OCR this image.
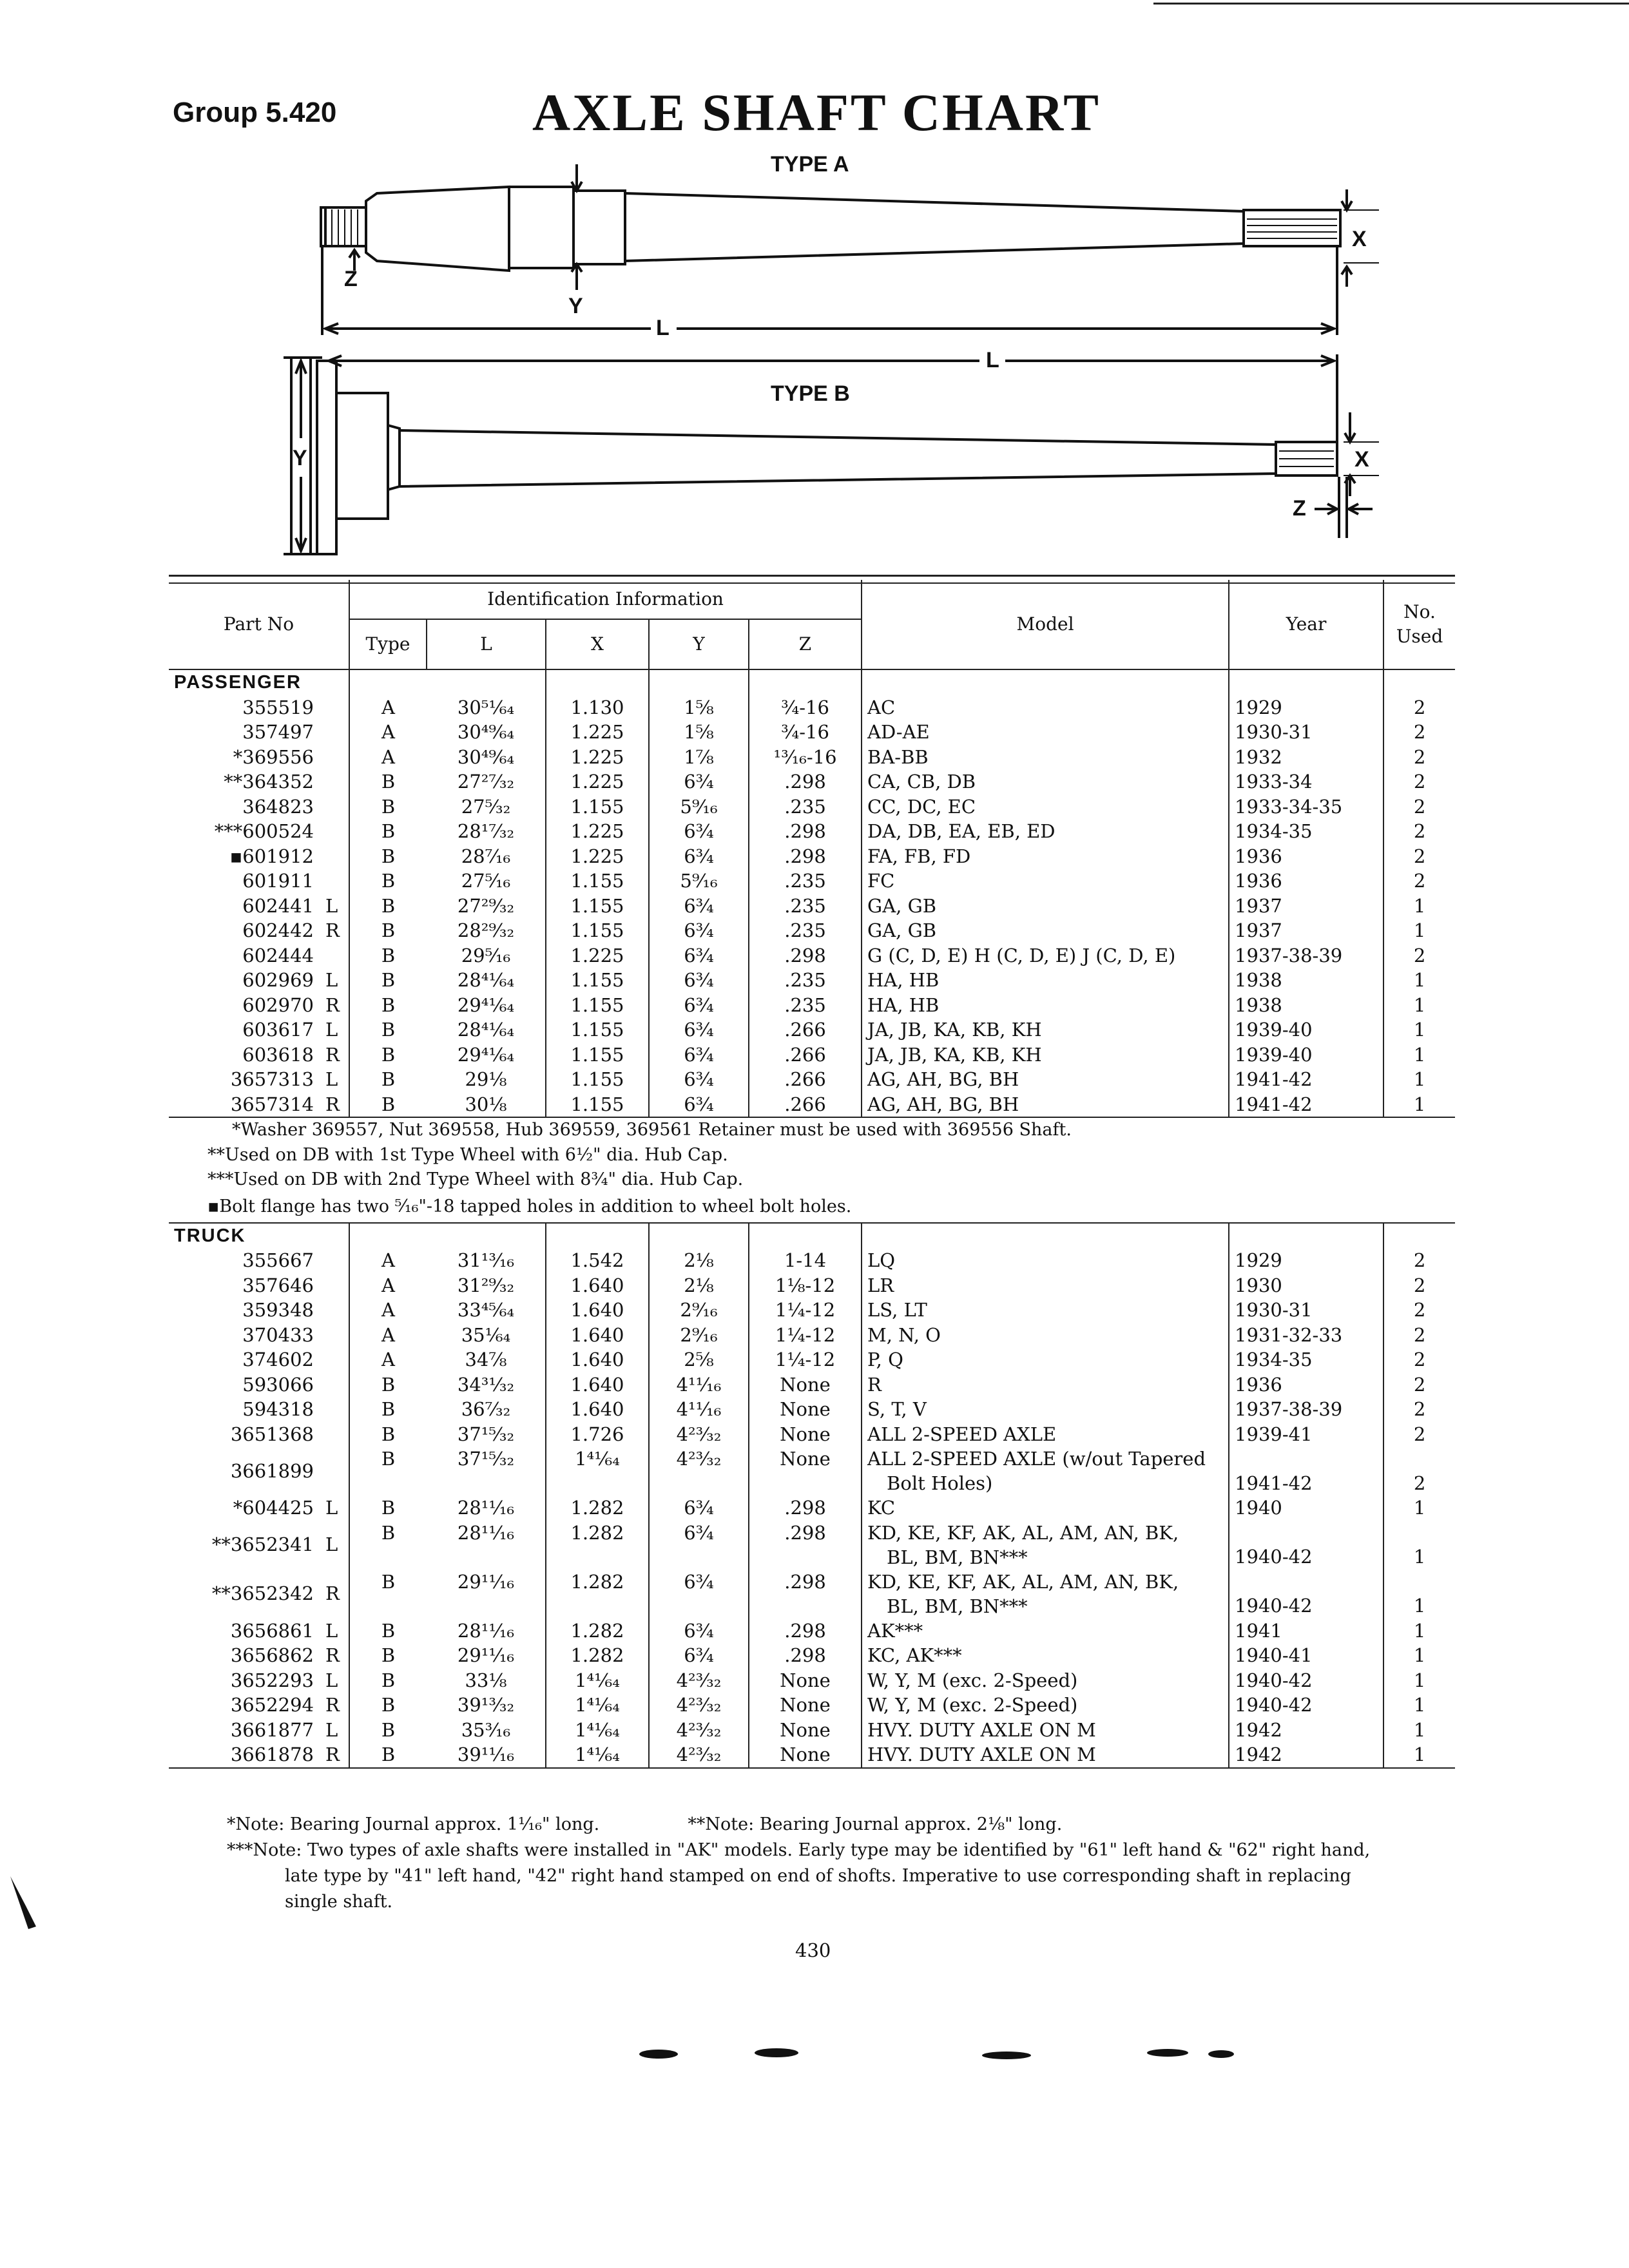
Group 5.420	AXLE SHAFT CHART
TYPE A
TYPE B
X
Z
Y
L
L
Y	X
Z
Part No	Identification Information					Model	Year	No.
Used

	Type	L	X	Y	Z			
PASSENGER								
355519	A	30⁵¹⁄₆₄	1.130	1⅝	¾-16	AC	1929	2
357497	A	30⁴⁹⁄₆₄	1.225	1⅝	¾-16	AD-AE	1930-31	2
*369556	A	30⁴⁹⁄₆₄	1.225	1⅞	¹³⁄₁₆-16	BA-BB	1932	2
**364352	B	27²⁷⁄₃₂	1.225	6¾	.298	CA, CB, DB	1933-34	2
364823	B	27⁵⁄₃₂	1.155	5⁹⁄₁₆	.235	CC, DC, EC	1933-34-35	2
***600524	B	28¹⁷⁄₃₂	1.225	6¾	.298	DA, DB, EA, EB, ED	1934-35	2
▪601912	B	28⁷⁄₁₆	1.225	6¾	.298	FA, FB, FD	1936	2
601911	B	27⁵⁄₁₆	1.155	5⁹⁄₁₆	.235	FC	1936	2
602441 L	B	27²⁹⁄₃₂	1.155	6¾	.235	GA, GB	1937	1
602442 R	B	28²⁹⁄₃₂	1.155	6¾	.235	GA, GB	1937	1
602444	B	29⁵⁄₁₆	1.225	6¾	.298	G (C, D, E) H (C, D, E) J (C, D, E)	1937-38-39	2
602969 L	B	28⁴¹⁄₆₄	1.155	6¾	.235	HA, HB	1938	1
602970 R	B	29⁴¹⁄₆₄	1.155	6¾	.235	HA, HB	1938	1
603617 L	B	28⁴¹⁄₆₄	1.155	6¾	.266	JA, JB, KA, KB, KH	1939-40	1
603618 R	B	29⁴¹⁄₆₄	1.155	6¾	.266	JA, JB, KA, KB, KH	1939-40	1
3657313 L	B	29⅛	1.155	6¾	.266	AG, AH, BG, BH	1941-42	1
3657314 R	B	30⅛	1.155	6¾	.266	AG, AH, BG, BH	1941-42	1
*Washer 369557, Nut 369558, Hub 369559, 369561 Retainer must be used with 369556 Shaft.								
**Used on DB with 1st Type Wheel with 6½" dia. Hub Cap.								
***Used on DB with 2nd Type Wheel with 8¾" dia. Hub Cap.								
▪Bolt flange has two ⁵⁄₁₆"-18 tapped holes in addition to wheel bolt holes.								
TRUCK								
355667	A	31¹³⁄₁₆	1.542	2⅛	1-14	LQ	1929	2
357646	A	31²⁹⁄₃₂	1.640	2⅛	1⅛-12	LR	1930	2
359348	A	33⁴⁵⁄₆₄	1.640	2⁹⁄₁₆	1¼-12	LS, LT	1930-31	2
370433	A	35¹⁄₆₄	1.640	2⁹⁄₁₆	1¼-12	M, N, O	1931-32-33	2
374602	A	34⅞	1.640	2⅝	1¼-12	P, Q	1934-35	2
593066	B	34³¹⁄₃₂	1.640	4¹¹⁄₁₆	None	R	1936	2
594318	B	36⁷⁄₃₂	1.640	4¹¹⁄₁₆	None	S, T, V	1937-38-39	2
3651368	B	37¹⁵⁄₃₂	1.726	4²³⁄₃₂	None	ALL 2-SPEED AXLE	1939-41	2
3661899	B	37¹⁵⁄₃₂	1⁴¹⁄₆₄	4²³⁄₃₂	None	ALL 2-SPEED AXLE (w/out Tapered
Bolt Holes)	1941-42	2
*604425 L	B	28¹¹⁄₁₆	1.282	6¾	.298	KC	1940	1
**3652341 L	B	28¹¹⁄₁₆	1.282	6¾	.298	KD, KE, KF, AK, AL, AM, AN, BK,
BL, BM, BN***	1940-42	1
**3652342 R	B	29¹¹⁄₁₆	1.282	6¾	.298	KD, KE, KF, AK, AL, AM, AN, BK,
BL, BM, BN***	1940-42	1
3656861 L	B	28¹¹⁄₁₆	1.282	6¾	.298	AK***	1941	1
3656862 R	B	29¹¹⁄₁₆	1.282	6¾	.298	KC, AK***	1940-41	1
3652293 L	B	33⅛	1⁴¹⁄₆₄	4²³⁄₃₂	None	W, Y, M (exc. 2-Speed)	1940-42	1
3652294 R	B	39¹³⁄₃₂	1⁴¹⁄₆₄	4²³⁄₃₂	None	W, Y, M (exc. 2-Speed)	1940-42	1
3661877 L	B	35³⁄₁₆	1⁴¹⁄₆₄	4²³⁄₃₂	None	HVY. DUTY AXLE ON M	1942	1
3661878 R	B	39¹¹⁄₁₆	1⁴¹⁄₆₄	4²³⁄₃₂	None	HVY. DUTY AXLE ON M	1942	1
*Note: Bearing Journal approx. 1⅟₁₆" long.	**Note: Bearing Journal approx. 2⅛" long.
***Note: Two types of axle shafts were installed in "AK" models. Early type may be identified by "61" left hand & "62" right hand,
late type by "41" left hand, "42" right hand stamped on end of shofts. Imperative to use corresponding shaft in replacing
single shaft.
430
